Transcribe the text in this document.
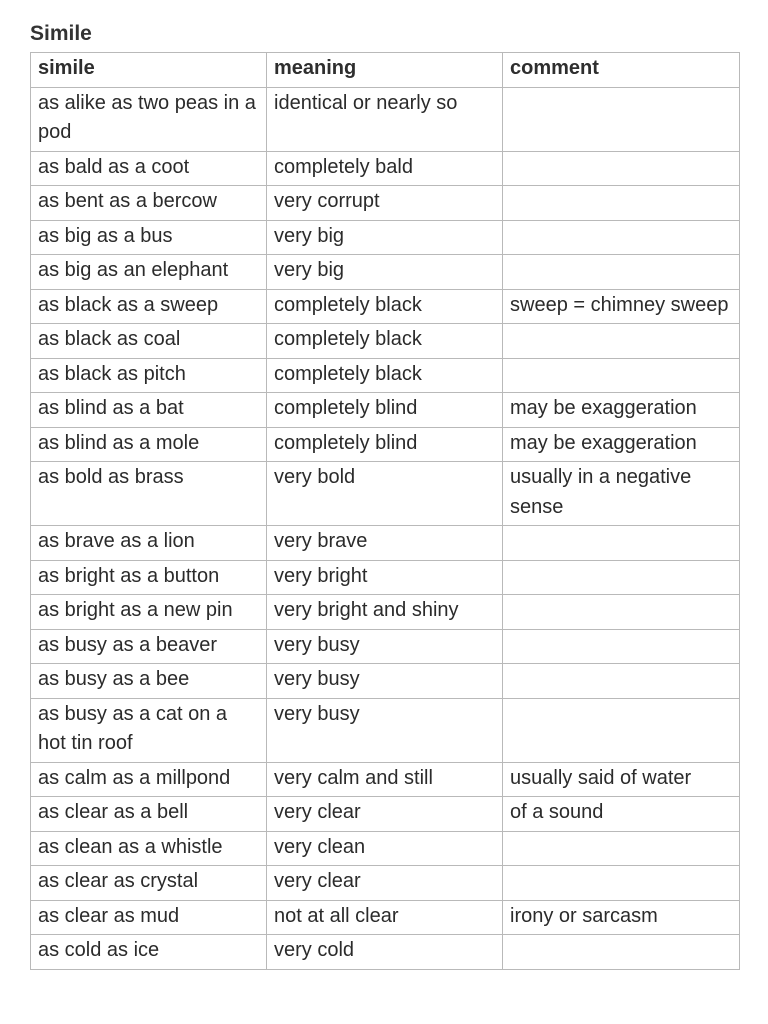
Simile
simile	meaning	comment
as alike as two peas in a pod	identical or nearly so	
as bald as a coot	completely bald	
as bent as a bercow	very corrupt	
as big as a bus	very big	
as big as an elephant	very big	
as black as a sweep	completely black	sweep = chimney sweep
as black as coal	completely black	
as black as pitch	completely black	
as blind as a bat	completely blind	may be exaggeration
as blind as a mole	completely blind	may be exaggeration
as bold as brass	very bold	usually in a negative sense
as brave as a lion	very brave	
as bright as a button	very bright	
as bright as a new pin	very bright and shiny	
as busy as a beaver	very busy	
as busy as a bee	very busy	
as busy as a cat on a hot tin roof	very busy	
as calm as a millpond	very calm and still	usually said of water
as clear as a bell	very clear	of a sound
as clean as a whistle	very clean	
as clear as crystal	very clear	
as clear as mud	not at all clear	irony or sarcasm
as cold as ice	very cold	
